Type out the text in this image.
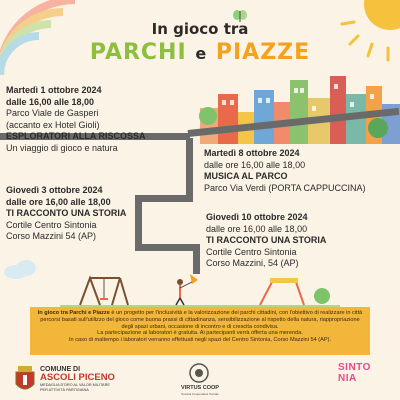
In gioco tra
PARCHI e PIAZZE
Martedì 1 ottobre 2024
dalle 16,00 alle 18,00
Parco Viale de Gasperi
(accanto ex Hotel Gioli)
ESPLORATORI ALLA RISCOSSA
Un viaggio di gioco e natura
Martedì 8 ottobre 2024
dalle ore 16,00 alle 18,00
MUSICA AL PARCO
Parco Via Verdi (PORTA CAPPUCCINA)
Giovedì 3 ottobre 2024
dalle ore 16,00 alle 18,00
TI RACCONTO UNA STORIA
Cortile Centro Sintonia
Corso Mazzini 54 (AP)
Giovedì 10 ottobre 2024
dalle ore 16,00 alle 18,00
TI RACCONTO UNA STORIA
Cortile Centro Sintonia
Corso Mazzini, 54 (AP)
In gioco tra Parchi e Piazze è un progetto per l'inclusività e la valorizzazione dei parchi cittadini, con l'obiettivo di realizzare in città percorsi basati sull'utilizzo del gioco come buona prassi di cittadinanza, sensibilizzazione al rispetto della natura, riappropriazione degli spazi urbani, occasione di incontro e di crescita condivisa.
La partecipazione ai laboratori è gratuita. Ai partecipanti verrà offerta una merenda.
In caso di maltempo i laboratori verranno effettuati negli spazi del Centro Sintonia, Corso Mazzini 54 (AP).
COMUNE DI
ASCOLI PICENO
MEDAGLIA D'ORO AL VALOR MILITARE
PER ATTIVITÀ PARTIGIANA	VIRTUS COOP
Società Cooperativa Sociale
SINTONIA
